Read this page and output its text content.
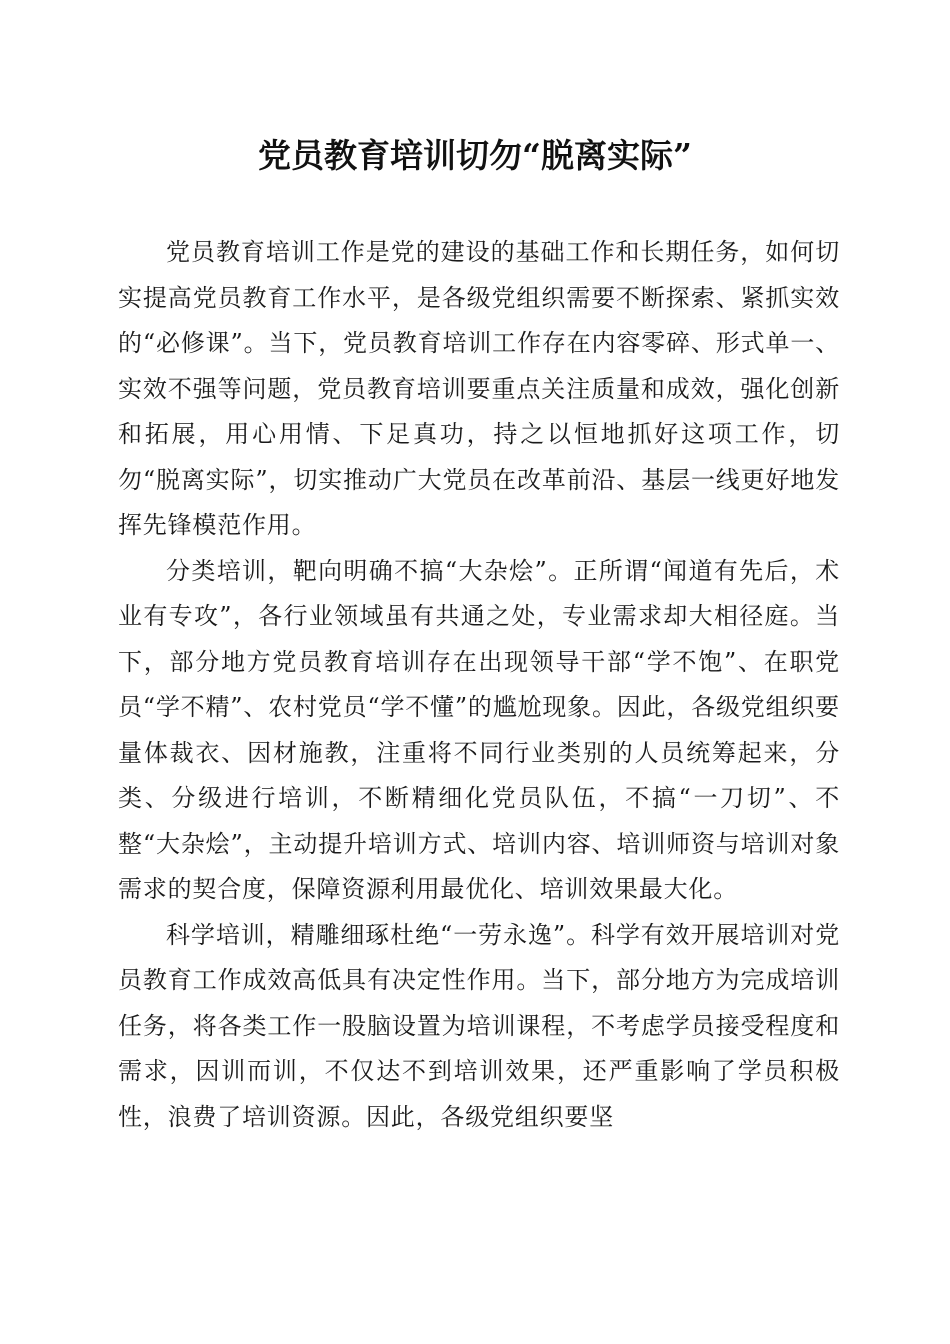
党员教育培训切勿“脱离实际”

党员教育培训工作是党的建设的基础工作和长期任务，如何切实提高党员教育工作水平，是各级党组织需要不断探索、紧抓实效的“必修课”。当下，党员教育培训工作存在内容零碎、形式单一、实效不强等问题，党员教育培训要重点关注质量和成效，强化创新和拓展，用心用情、下足真功，持之以恒地抓好这项工作，切勿“脱离实际”，切实推动广大党员在改革前沿、基层一线更好地发挥先锋模范作用。

分类培训，靶向明确不搞“大杂烩”。正所谓“闻道有先后，术业有专攻”，各行业领域虽有共通之处，专业需求却大相径庭。当下，部分地方党员教育培训存在出现领导干部“学不饱”、在职党员“学不精”、农村党员“学不懂”的尴尬现象。因此，各级党组织要量体裁衣、因材施教，注重将不同行业类别的人员统筹起来，分类、分级进行培训，不断精细化党员队伍，不搞“一刀切”、不整“大杂烩”，主动提升培训方式、培训内容、培训师资与培训对象需求的契合度，保障资源利用最优化、培训效果最大化。

科学培训，精雕细琢杜绝“一劳永逸”。科学有效开展培训对党员教育工作成效高低具有决定性作用。当下，部分地方为完成培训任务，将各类工作一股脑设置为培训课程，不考虑学员接受程度和需求，因训而训，不仅达不到培训效果，还严重影响了学员积极性，浪费了培训资源。因此，各级党组织要坚
